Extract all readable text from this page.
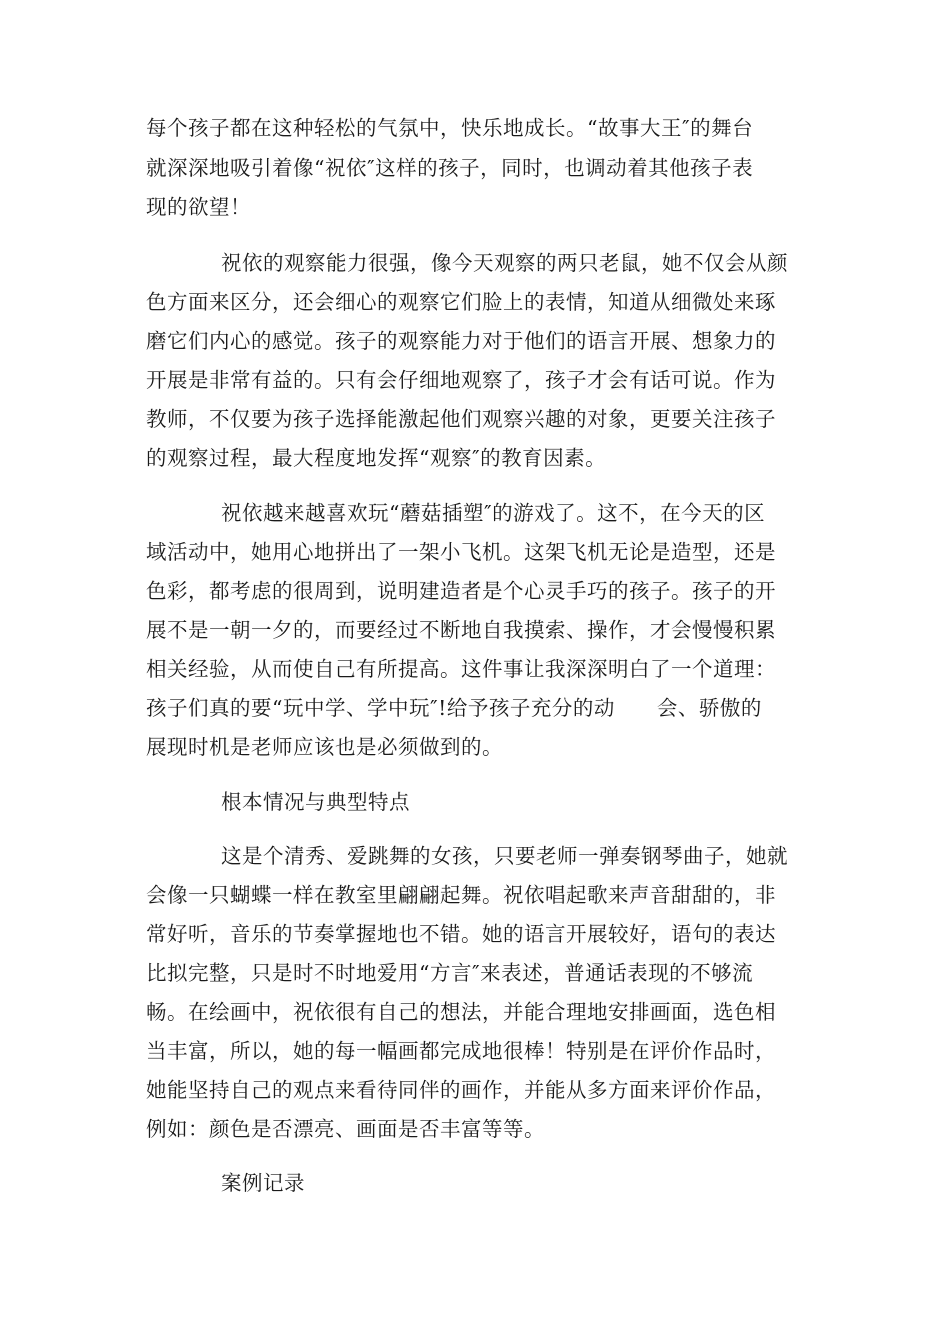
每个孩子都在这种轻松的气氛中，快乐地成长。“故事大王″的舞台
就深深地吸引着像“祝依″这样的孩子，同时，也调动着其他孩子表
现的欲望！
祝依的观察能力很强，像今天观察的两只老鼠，她不仅会从颜
色方面来区分，还会细心的观察它们脸上的表情，知道从细微处来琢
磨它们内心的感觉。孩子的观察能力对于他们的语言开展、想象力的
开展是非常有益的。只有会仔细地观察了，孩子才会有话可说。作为
教师，不仅要为孩子选择能激起他们观察兴趣的对象，更要关注孩子
的观察过程，最大程度地发挥“观察″的教育因素。
祝依越来越喜欢玩“蘑菇插塑″的游戏了。这不，在今天的区
域活动中，她用心地拼出了一架小飞机。这架飞机无论是造型，还是
色彩，都考虑的很周到，说明建造者是个心灵手巧的孩子。孩子的开
展不是一朝一夕的，而要经过不断地自我摸索、操作，才会慢慢积累
相关经验，从而使自己有所提高。这件事让我深深明白了一个道理：
孩子们真的要“玩中学、学中玩″!给予孩子充分的动　　会、骄傲的
展现时机是老师应该也是必须做到的。
根本情况与典型特点
这是个清秀、爱跳舞的女孩，只要老师一弹奏钢琴曲子，她就
会像一只蝴蝶一样在教室里翩翩起舞。祝依唱起歌来声音甜甜的，非
常好听，音乐的节奏掌握地也不错。她的语言开展较好，语句的表达
比拟完整，只是时不时地爱用“方言″来表述，普通话表现的不够流
畅。在绘画中，祝依很有自己的想法，并能合理地安排画面，选色相
当丰富，所以，她的每一幅画都完成地很棒！特别是在评价作品时，
她能坚持自己的观点来看待同伴的画作，并能从多方面来评价作品，
例如：颜色是否漂亮、画面是否丰富等等。
案例记录
